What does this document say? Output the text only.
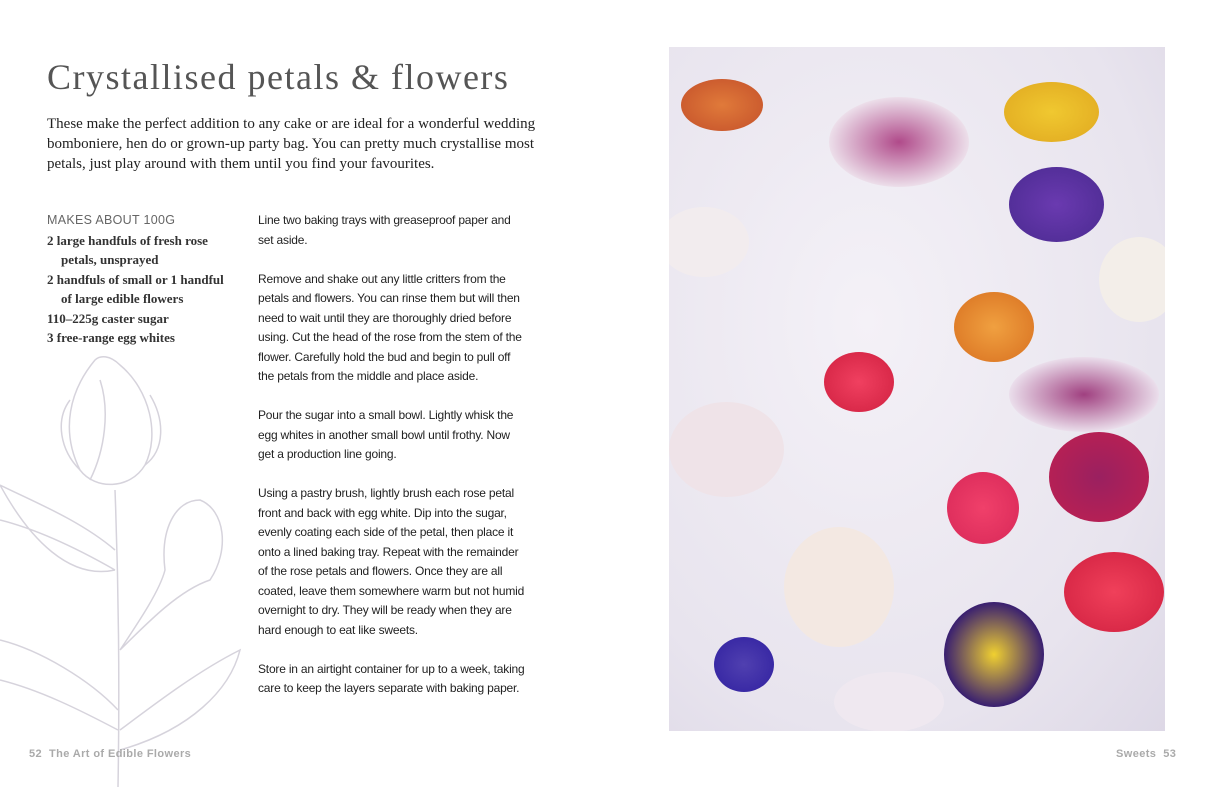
Crystallised petals & flowers
These make the perfect addition to any cake or are ideal for a wonderful wedding
bomboniere, hen do or grown-up party bag. You can pretty much crystallise most
petals, just play around with them until you find your favourites.
MAKES ABOUT 100G
2 large handfuls of fresh rose
petals, unsprayed
2 handfuls of small or 1 handful
of large edible flowers
110–225g caster sugar
3 free-range egg whites

Line two baking trays with greaseproof paper and
set aside.

Remove and shake out any little critters from the
petals and flowers. You can rinse them but will then
need to wait until they are thoroughly dried before
using. Cut the head of the rose from the stem of the
flower. Carefully hold the bud and begin to pull off
the petals from the middle and place aside.

Pour the sugar into a small bowl. Lightly whisk the
egg whites in another small bowl until frothy. Now
get a production line going.

Using a pastry brush, lightly brush each rose petal
front and back with egg white. Dip into the sugar,
evenly coating each side of the petal, then place it
onto a lined baking tray. Repeat with the remainder
of the rose petals and flowers. Once they are all
coated, leave them somewhere warm but not humid
overnight to dry. They will be ready when they are
hard enough to eat like sweets.

Store in an airtight container for up to a week, taking
care to keep the layers separate with baking paper.

52 The Art of Edible Flowers	Sweets 53
